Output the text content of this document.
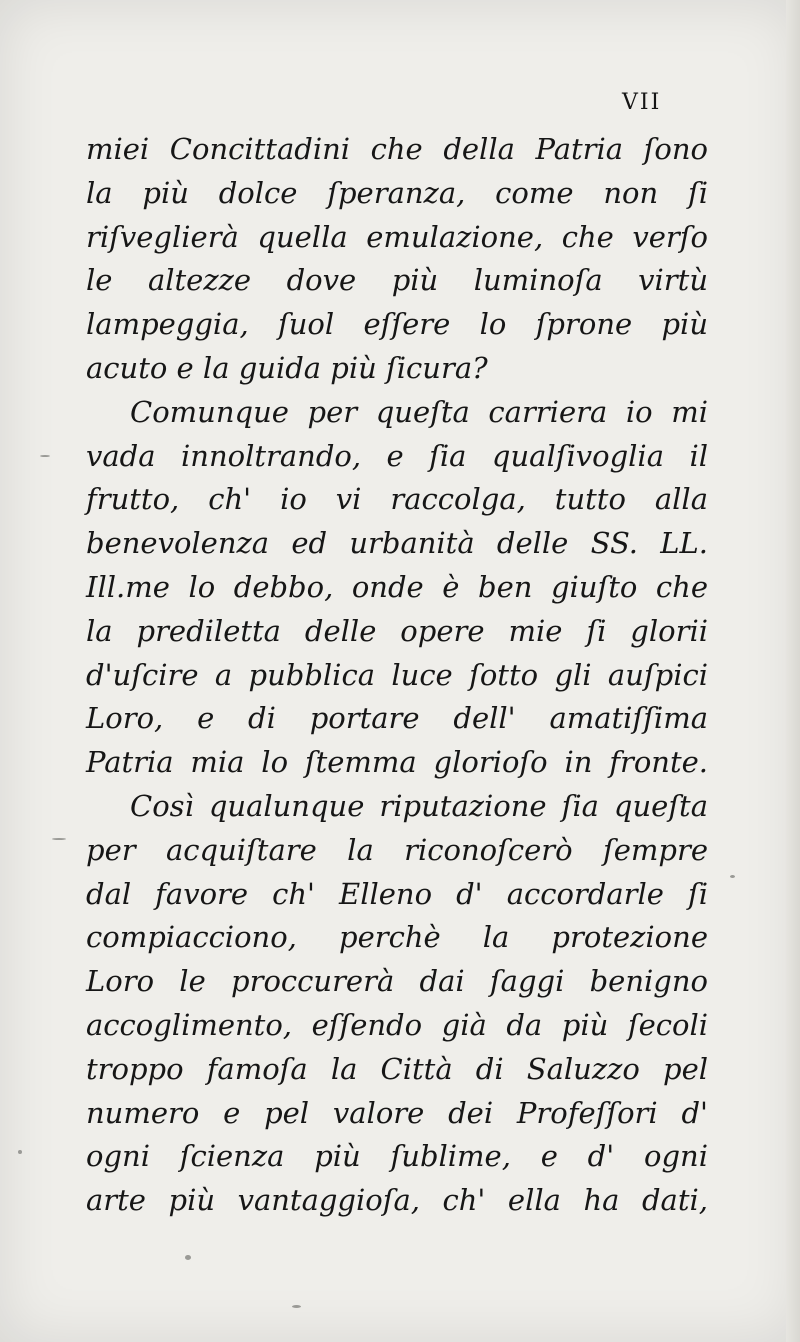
VII
miei Concittadini che della Patria ſono
la più dolce ſperanza, come non ſi
riſveglierà quella emulazione, che verſo
le altezze dove più luminoſa virtù
lampeggia, ſuol eſſere lo ſprone più
acuto e la guida più ſicura?
Comunque per queſta carriera io mi
vada innoltrando, e ſia qualſivoglia il
frutto, ch' io vi raccolga, tutto alla
benevolenza ed urbanità delle SS. LL.
Ill.me lo debbo, onde è ben giuſto che
la prediletta delle opere mie ſi glorii
d'uſcire a pubblica luce ſotto gli auſpici
Loro, e di portare dell' amatiſſima
Patria mia lo ſtemma glorioſo in fronte.
Così qualunque riputazione ſia queſta
per acquiſtare la riconoſcerò ſempre
dal favore ch' Elleno d' accordarle ſi
compiacciono, perchè la protezione
Loro le proccurerà dai ſaggi benigno
accoglimento, eſſendo già da più ſecoli
troppo famoſa la Città di Saluzzo pel
numero e pel valore dei Profeſſori d'
ogni ſcienza più ſublime, e d' ogni
arte più vantaggioſa, ch' ella ha dati,
